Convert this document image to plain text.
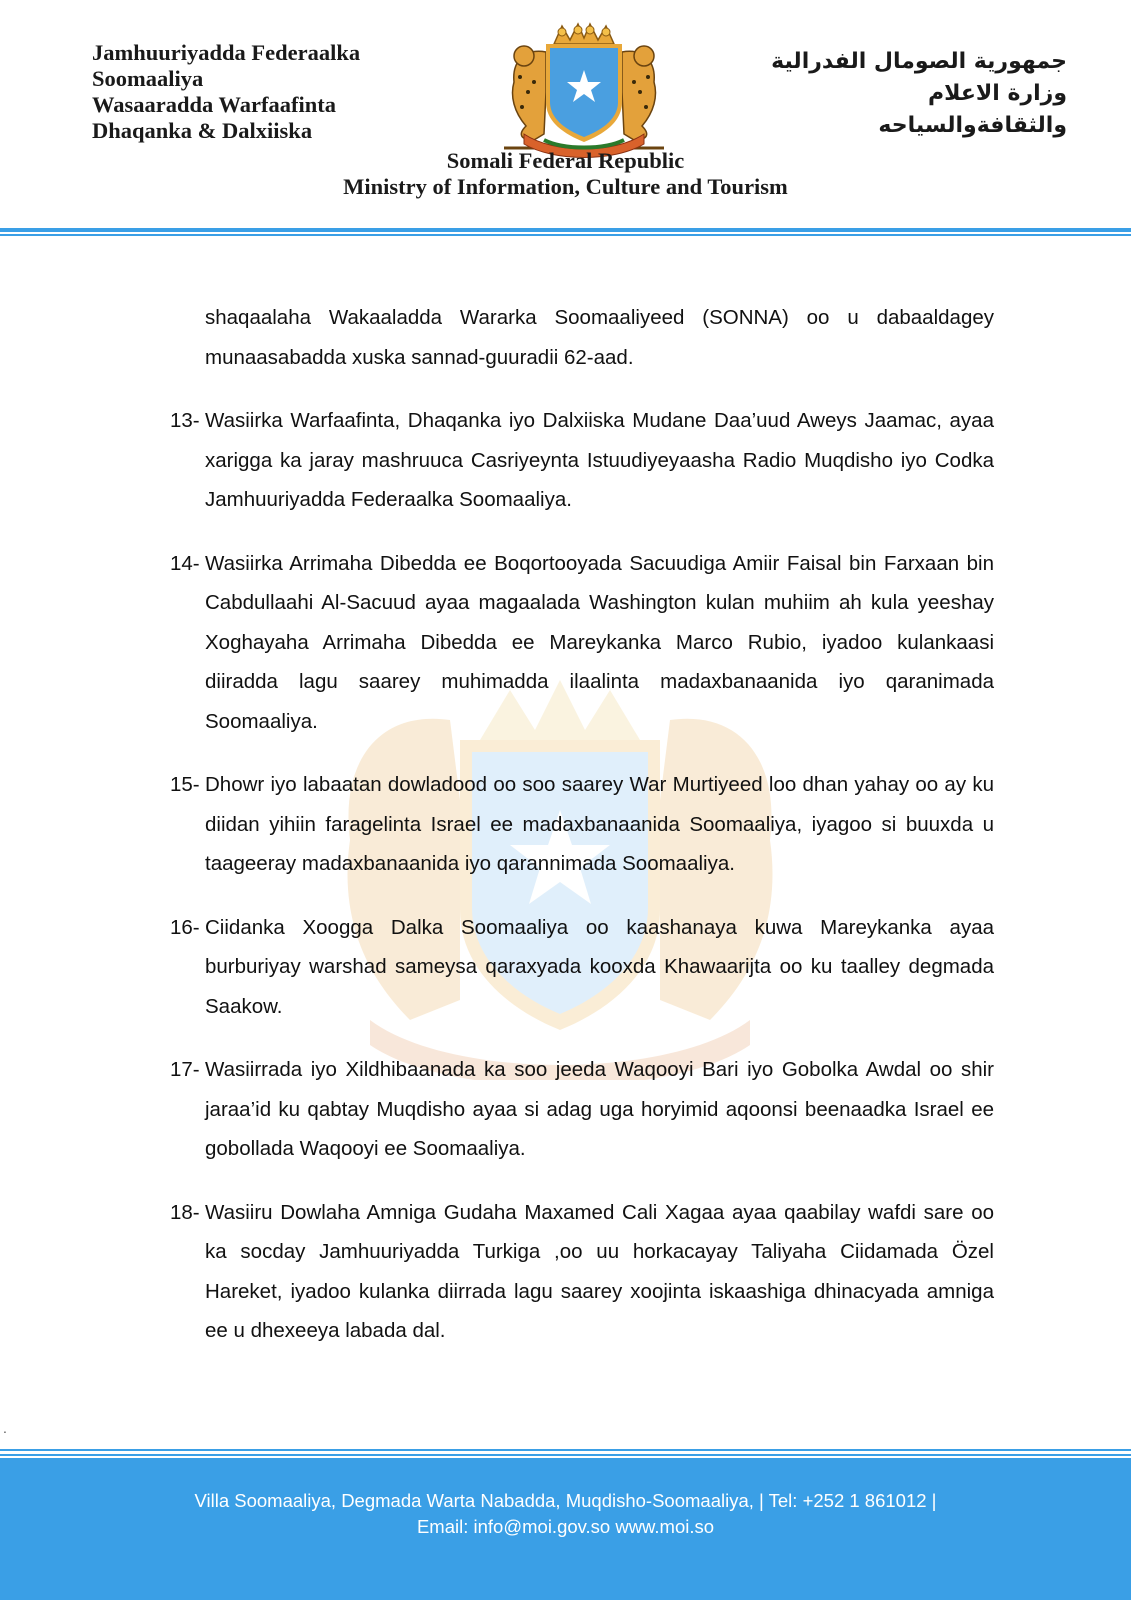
Jamhuuriyadda Federaalka
Soomaaliya
Wasaaradda Warfaafinta
Dhaqanka & Dalxiiska
جمهورية الصومال الفدرالية
وزارة الاعلام
والثقافةوالسياحه
Somali Federal Republic
Ministry of Information, Culture and Tourism
shaqaalaha Wakaaladda Wararka Soomaaliyeed (SONNA) oo u dabaaldagey munaasabadda xuska sannad-guuradii 62-aad.
13- Wasiirka Warfaafinta, Dhaqanka iyo Dalxiiska Mudane Daa’uud Aweys Jaamac, ayaa xarigga ka jaray mashruuca Casriyeynta Istuudiyeyaasha Radio Muqdisho iyo Codka Jamhuuriyadda Federaalka Soomaaliya.
14- Wasiirka Arrimaha Dibedda ee Boqortooyada Sacuudiga Amiir Faisal bin Farxaan bin Cabdullaahi Al-Sacuud ayaa magaalada Washington kulan muhiim ah kula yeeshay Xoghayaha Arrimaha Dibedda ee Mareykanka Marco Rubio, iyadoo kulankaasi diiradda lagu saarey muhimadda ilaalinta madaxbanaanida iyo qaranimada Soomaaliya.
15- Dhowr iyo labaatan dowladood oo soo saarey War Murtiyeed loo dhan yahay oo ay ku diidan yihiin faragelinta Israel ee madaxbanaanida Soomaaliya, iyagoo si buuxda u taageeray madaxbanaanida iyo qarannimada Soomaaliya.
16- Ciidanka Xoogga Dalka Soomaaliya oo kaashanaya kuwa Mareykanka ayaa burburiyay warshad sameysa qaraxyada kooxda Khawaarijta oo ku taalley degmada Saakow.
17- Wasiirrada iyo Xildhibaanada ka soo jeeda Waqooyi Bari iyo Gobolka Awdal oo shir jaraa’id ku qabtay Muqdisho ayaa si adag uga horyimid aqoonsi beenaadka Israel ee gobollada Waqooyi ee Soomaaliya.
18- Wasiiru Dowlaha Amniga Gudaha Maxamed Cali Xagaa ayaa qaabilay wafdi sare oo ka socday Jamhuuriyadda Turkiga ,oo uu horkacayay Taliyaha Ciidamada Özel Hareket, iyadoo kulanka diirrada lagu saarey xoojinta iskaashiga dhinacyada amniga ee u dhexeeya labada dal.
.
Villa Soomaaliya, Degmada Warta Nabadda, Muqdisho-Soomaaliya, | Tel: +252 1 861012 |
Email: info@moi.gov.so www.moi.so
